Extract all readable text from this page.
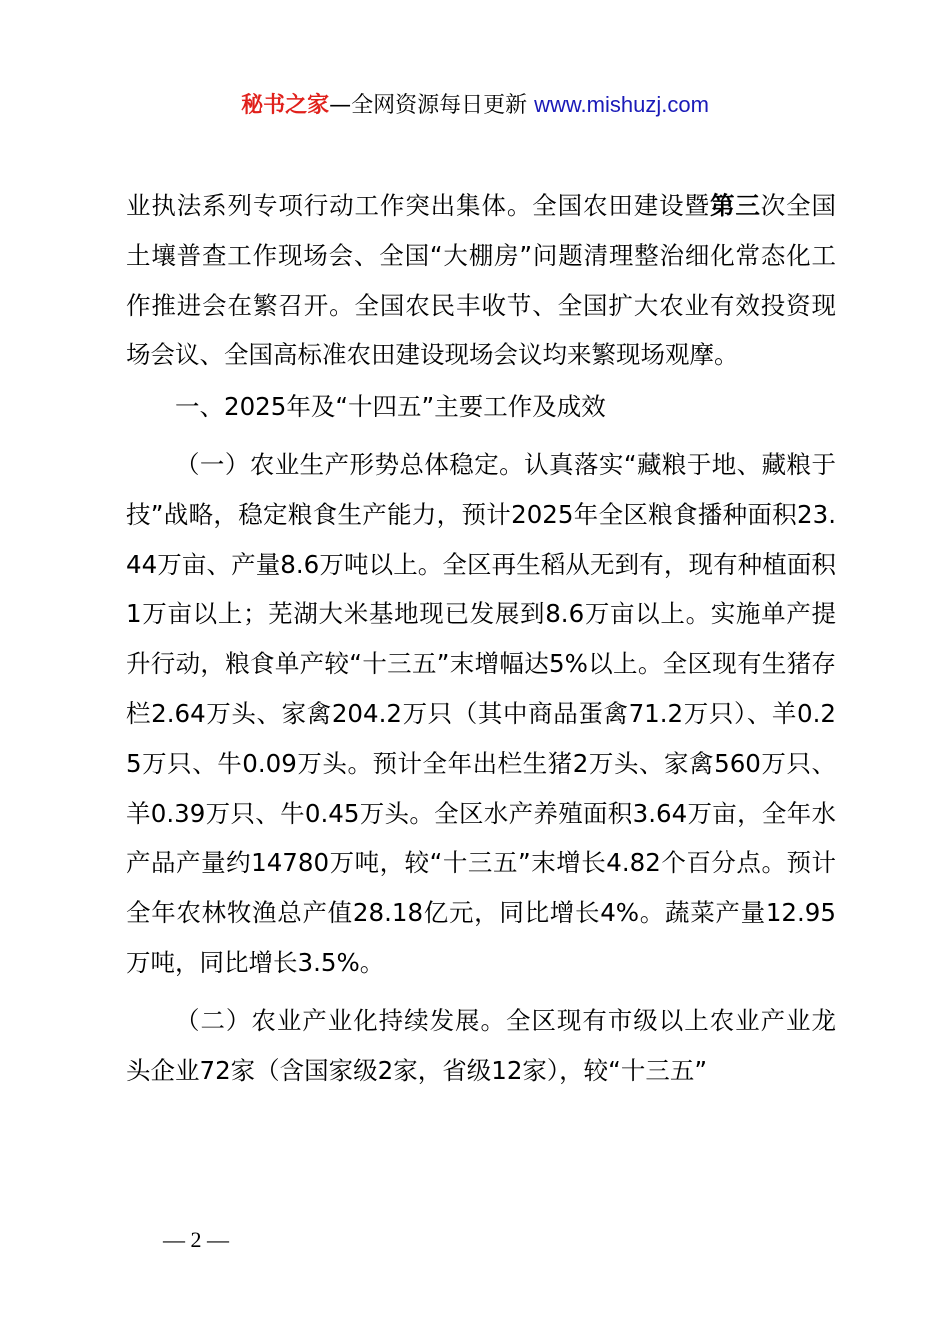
秘书之家—全网资源每日更新 www.mishuzj.com

业执法系列专项行动工作突出集体。全国农田建设暨第三次全国土壤普查工作现场会、全国“大棚房”问题清理整治细化常态化工作推进会在繁召开。全国农民丰收节、全国扩大农业有效投资现场会议、全国高标准农田建设现场会议均来繁现场观摩。

一、2025年及“十四五”主要工作及成效

（一）农业生产形势总体稳定。认真落实“藏粮于地、藏粮于技”战略，稳定粮食生产能力，预计2025年全区粮食播种面积23.44万亩、产量8.6万吨以上。全区再生稻从无到有，现有种植面积1万亩以上；芜湖大米基地现已发展到8.6万亩以上。实施单产提升行动，粮食单产较“十三五”末增幅达5%以上。全区现有生猪存栏2.64万头、家禽204.2万只（其中商品蛋禽71.2万只）、羊0.25万只、牛0.09万头。预计全年出栏生猪2万头、家禽560万只、羊0.39万只、牛0.45万头。全区水产养殖面积3.64万亩，全年水产品产量约14780万吨，较“十三五”末增长4.82个百分点。预计全年农林牧渔总产值28.18亿元，同比增长4%。蔬菜产量12.95万吨，同比增长3.5%。

（二）农业产业化持续发展。全区现有市级以上农业产业龙头企业72家（含国家级2家，省级12家），较“十三五”

— 2 —
